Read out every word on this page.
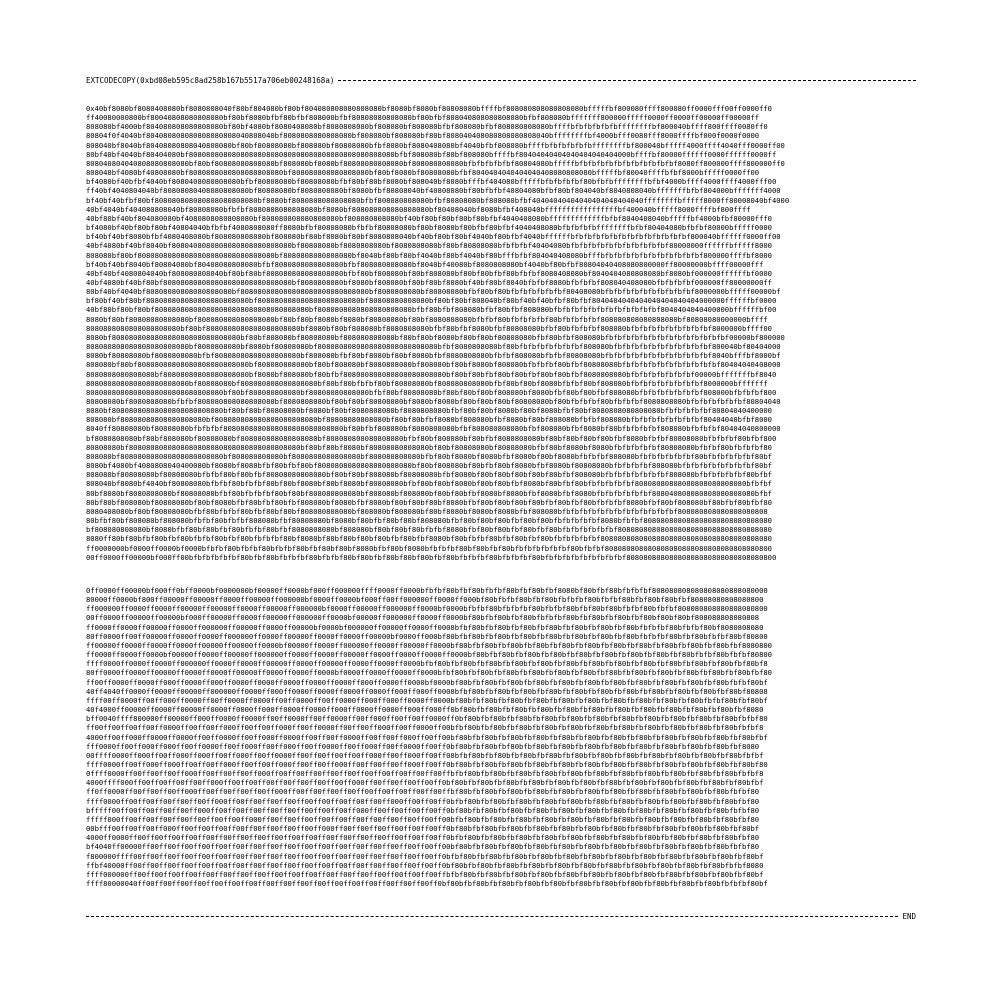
EXTCODECOPY(0xbd08eb595c8ad258b167b5517a706eb00248168a)
0x40bf8080bf8080408080bf8080808040f80bf804080bf80bf804080808080808080bf8080bf8080bf80808080bffffbf808080808080808080bfffffbf800080ffff800080ff0000fff00ff0000ff0
ff40080000800bf80040808080808080bf80bf8080bfbf80bfbf808000bfbf80808080808080bf80bfbf808040808080808080bfbf808080bfffffff800000fffff0000ff0000ff00000ff00000ff
808080bf4000bf804080808080808080bf80bf4080bf8080408080bf8080808080bf808080bf808080bfbf808080bfbf808080808080bffffbfbfbfbfbfbffffffffbf800040bffff800ffff0080ff0
80804f0f4040bf804080808080808080808040808040bf8080808080808080bf808080bf808080bf80bf808040408080808080808040bffffffffbf4000bfff0080fff8000ffffbf000f0000f0000
808040bf8040bf80408080808040808080bf80bf80808080bf808080bf80808080bfbf8080bf8080408080bf4040bfbf808080bffffbfbfbfbfbfbffffffffbf800040bfffff4000ffff4040fff0000ff00
80bf40bf4040bf80404080bf808080808080808080808080808080808080808080808080bfbf808080bf80bf808080bffffbf80404040404040404040404000bffffbf80000ffffff0000ffffff0000ff
808040804040808080808080bf80bf80808080808080bf808080bf8080bf80808080808080bf808080808080bfbfbfbfbfbf80804080bfffffbfbfbfbfbfbfbfbfbfbfbfbf8080ff800000ffff800000ff0
808040bf4080bf40808080bf8080808080808080808080bf808080808080808080bf80bf8080bf80808080bfbf8040404040404040408080808080bfffffbf80040ffffbfbf8000bfffff0000ff00
bf4080bf40bfbf4040bf8080408080808080bfbf80808080bf80808080bfbf80bf80bf8080bf808040bf8080bfffbf404080bfffffbfbfbfbfbf80bfbfbffffffffbfbf4000bffff4000ffff4000fff00
ff40bf4040804040bf80808080408080808080bf80808080bf8080808080bf8080bfbf80808040bf40808080bf80bfbfbf40804080bfbf80bf804040bf8040808040bfffffffbfbf804000bfffffff4000
bf40bf40bfbf80bf808080808080808080808080bf8080bf8080808080808080bfbf808080808080bfbf80808080bf808080bfbf40404040404040404040404040ffffffffbfffff8000ff80008040bf4000
40bf4040bf404080808040bf80808080bfbfbf8080808080808080bf8080bf808080808080808080bf80408040bf8080bfbf408040bfffffffffffffffffbf400040bfffff8000ffffbf800ffff
40bf80bf40bf804080080bf4080808080808080bf808080808080808080bf808080808080bf40bf80bf80bf80bf80bfbf4040408080bfffffffffffffbfbf8040408040bfffffbf4000bfbf80000fff0
bf4080bf40bf80bf80bf40804040bfbfbf4080808080ff8080bfbf80808080bfbfbf80808080bf80bf8080bf80bfbf80bfbf4040408080bfbfbfbfbffffffffbfbf80404080bfbfbf80000bfffff0000
bf40bf40bf8080bfbf4080408080bf808080808080bf808080bf80bf8080bf80bf8080808040bf40bf80bf80bf4040bf80bfbf4040bffffffbfbfbfbfbfbfbfbfbfbfbfbfbfbf800040bffffff0000ff00
40bf4080bf40bf8040bf8080408080808080808080808080bf80808080bf8080808080bf8080808080bf80bf80808080bfbfbfbf40404080bfbfbfbfbfbfbfbfbfbfbfbf80000000ffffffbfffff8000
808080bf80bf80808080808080808080808080808080bf8080808080808080bf8040bf80bf80bf4040bf80bf4040bf80bfffbfbf804040408080bfffbfbfbfbfbfbfbfbfbfbfbfbf800000ffffbf8000
bf40bf40bf8040bf80804080bf80408080808080bfbf8080808080808080bfbf808080808080bf8040bf40080bf8080808080bf4040bf80bfbf80804040408080800000ff80000000bffff00000fff
40bf40bf4080804040bf808080808040bf80bf80bf808080808080808080bfbf80bf808080bf80bf808080bf80bf80bfbf80bfbfbf8080408080bf8040404080808080bf8080bf000000ffffffbf0000
40bf4080bf40bf80bf808080808080808080808080808080bf8080808080bf8080bf808080bf80bf80bf8080bf40bf80bf8040bfbfbf8080bfbfbfbf808040408080bfbfbfbfbf000000ff80000000ff
80bf40bf4040bf80808080808080808080bf808080808080808080808080808080bf8080808080bf80808080bfbf80bf80bfbfbfbfbfbfbf80408080bfbfbfbfbfbfbfbfbfbfbf8000000bfffff00000bf
bf80bf40bf80bf808080808080808080808080bf808080808080808080808080bf80808080808080bf80bf80bf808040bf80bf40bf40bfbf80bfbf8040404040404040404040404000000ffffffbf0000
40bf80bf80bf80bf808080808080808080808080808080808080bf8080808080808080808080bfbf80bfbf808080bfbf80bfbf808080bfbfbfbfbfbfbfbfbfbfbfbfbf8040404040400000bffffffbf00
8080bf80bf80808080808080bf808080808080808080bf80bf80bf8080bf8080bf80808080bf80bf8080808080bfbfbf80bfbfbfbfbf80bfbfbfbfbf808080808080808080bf80808080000000bffff
8080808080808080808080bf80bf8080808080808080808080bf8080bf80bf808080bf8080808080bfbf80bfbf8080bfbf80808080bfbf80bfbfbfbf808080bfbfbfbfbfbfbfbfbfbf8000000bffff00
8080bf808080808080808080808080808080bf80bf808080bf80808080bf808080808080bf80bf80bf8080bf80bf80bf80808080bfbf80bfbf808080bfbfbfbfbfbfbfbfbfbfbfbfbfbfbf00000bf800000
808080808080808080808080bf8080808080bf8080bf80808080bf8080808080808080808080808080bfbf8080808080bf80bfbfbfbfbfbfbfbf808080bfbfbfbfbfbfbfbfbfbfbfbf800040bf80404000
8080bf80808080bf8080808080bfbf80808080808080808080bf808080bfbf80bf8080bf80bf8080bfbf8080808080bfbfbf808080bfbfbf80808080bfbfbfbfbfbfbfbfbfbfbfbfbf8040bfffbf8000bf
808080bf80bf80808080808080808080808080bf808080808080bf80bf808080bf8080808080bf808080bf80bf8080bf808080bfbfbfbf80bfbf80808080bfbfbfbfbfbfbfbfbfbfbfbf80404040408000
8080808080808080bf80808080808080808080bf8080bf808080bf80bfbf808080808080808080808080bf80bf80bfbf80bf80bfbf80bf80bfbf8080808080bfbfbfbfbfbfbfbf00000bfffffffbf8040
808080808080808080808080bf80808080bf808080808080808080bf80bf80bfbfbf80bf80808080bf808080808080bfbf80bf80bf8080bfbfbf80bf808080bfbfbfbfbfbfbfbfbf8000000bfffffff
80808080808080808080808080808080bf80bf808080808080bf80808080808080bfbf80bf80808080bf80bf80bf80bf808080bf8080bfbf80bf80bfbf808080bfbfbfbfbfbfbfbf808000bfbfbfbf800
80808080bf8080808080bfbfbf808080808080808080bf8080808080bf80bf80bf80808080bf8080bf8080bf80bf80bf80bf80808080bf80bfbfbfbf80bfbfbfbf8080808080bfbfbfbfbfbfbf80804040
8080bf80808080808080808080808080bf80bf80bf80808080bf8080bf80bf8080808080bf8080808080bfbf80bf80bf8080bf80bf8080bfbf80bf8080808080808080bfbfbfbfbfbf80804040400000
808080bf80808080808080808080bf808080808080808080808080bf80808080808080bf80bf80bfbf8080bf808080bfbf8080bf80bf808080bfbfbf808080bfbfbfbfbfbfbfbfbf80404040bfbf8000
8040ff80808080bf80808080bfbfbfbf8080808080808080808080808080bf80bfbf808080bf8080808080bfbf808080808080bfbf808080bfbf8080bf80bfbfbfbfbf808080bfbfbfbf80404040800000
bf8080808080bf80bf808080bf80808080bf808080808080808080bf808080808080808080bfbf80bf808080bf80bfbf8080808080bf80bf80bf80bf80bfbf8080bfbfbf80808080bfbfbfbf80bfbf800
80808080bf8080808080808080808080808080808080808080bf80bf80bf8080bf80808080808080bf80bf80808080bf80808080bfbf80bf8080bf8080bfbfbfbfbfbf80808080bfbfbf80bfbfbfbf80
808080bf808080808080808080808080bf808080808080bf8080808080808080bf808080808080bfbf80bf8080bf8080bfbf8080bf80bf8080bfbfbfbf808080bfbfbfbfbfbfbf80bfbfbfbfbfbf80bf
8080bf4080bf4080808040400080bf8080bf8080bfbf80bfbf80bf8080808080808080808080bf80bf808080bf80bfbf80bf8080bfbf8080bf80808080bfbfbfbfbf808080bfbfbfbfbfbfbfbfbf80bf
808080bf80808080bf80808080bfbfbf80bf80bfbf80808080808080bf80bf80bf808080bf80808080bfbf8080bf80bf80bf80bf80bf80bfbf808080bfbfbfbfbfbfbfbf808080bfbfbfbfbfbf80bfbf
808040bf8080bf4040bf80808080bfbfbf80bfbfbf80bf80bf8080bf80bf8080bf80808080bfbf80bf80bf8080bf80bf80bfbf8080bf80bfbf80bfbfbfbfbfbf80808080808080808080808080bfbfbf
80bf8080bf8080808080bf80808080bfbf80bfbfbfbf80bf80bf808080808080bf808080bf808080bf80bf80bfbf8080bf8080bfbf8080bfbf8080bfbfbfbfbfbfbf808040808080808080808080bfbf
80bf80bf808080bf80808080bf80bf8080bfbf80bfbf80bfbf808080bf8080bfbf8080bf80bf80bf80bf8080bfbf80bf80bf80bf80bfbf80bfbf80bfbfbfbf8080bfbf80bf808080bf80bfbf80bfbf80
8080408080bf80bf80808080bfbf80bfbfbf80bfbf80bf80bf808080808080bf808080bf808080bf80bf8080bf8080bf8080bfbf808080bfbfbfbfbfbfbfbfbfbfbfbfbfbf808080808080808080808
80bfbf80bf808080bf808080bfbfbf80bfbfbf808080bfbf80808080bf8080bf80bfbf80bf80bf808080bfbf80bf80bf80bfbf80bf80bfbfbfbfbfbf8080bfbfbf808080808080808080808080808080
bf808080808080bf8080bfbf80bf80bfbf80bfbfbf80bfbf8080808080bf808080bf80bf80bf80bfbfbf8080bfbf80bf80bfbf80bfbf80bfbfbfbfbfbfbf808080808080808080808080808080808080
8080ff80bf80bfbf80bfbf80bfbfbf80bfbf80bfbfbfbf80bf8080bf80bf80bf80bf80bfbf80bfbf8080bf80bfbfbf80bfbf80bfbf80bfbfbfbfbfbf8080808080808080808080808080808080808080
ff0000000bf0000ff0000bf0000bfbfbf80bfbfbf80bfbfbf80bfbf80bf80bf8080bfbf80bf8080bfbfbfbf80bf80bfbf80bfbfbfbfbfbfbf80bfbfbf808080808080808080808080808080808080800
00ff0000ff00000bf000ff00bfbfbfbfbfbf80bfbf80bfbfbfbf80bfbfbf80bf80bfbf80bf80bf80bfbf80bfbfbfbf80bfbfbfbf80bfbfbfbfbfbfbfbfbfbf80808080808080808080808080808080800
0ff0000ff00000bf000ff0bff0000bf0000000bf00000ff0000bf000ff000000ffff0000ff0000bfbfbf80bfbf80bfbfbf80bfbf80bfbf8080bf80bfbf80bfbfbfbf808080808080808080808080000
80000ff0000bf800ff00000ff00000ff0000ff00000ff000000bf0000ff0000bf000ff00ff000000ff0000ff000bf80bfbfbf80bfbf80bfbfbfbf80bfbfbf80bfbf80bf80bfbf80808080808080800
ff000000ff0000ff0000ff00000ff00000ff0000ff00000ff000000bf0000ff00000ff000000ff0000bf0000bfbfbf80bfbfbfbf80bfbfbf80bfbf80bf80bfbfbf80bfbfbf808080808080808080800
00ff0000ff00000ff00000bf000ff00000ff0000ff00000ff000000ff0000bf00000ff000000ff0000ff0000bf80bfbf80bfbf80bfbfbfbf80bfbf80bfbf80bfbf80bf80bf80bf808080808080808
ff0000ff0000ff00000ff0000ff000000ff00000ff0000ff00000bf0000bf000000ff00000ff0000ff0000bfbf80bfbf80bfbf80bfbf80bfbf80bfbf80bfbf80bfbfbfbf80bfbfbf80bf8080808080
80ff0000ff00ff00000ff0000ff0000ff000000ff0000ff00000ff0000ff0000ff00000bf0000ff000bf80bfbf80bfbf80bfbf80bfbf80bfbf80bfbf80bfbf80bfbfbfbf80bfbf80bfbfbf80bf80800
ff00000ff0000ff0000ff0000ff00000ff00000ff0000bf00000ff0000ff000000ff0000ff00000ff0000bf80bfbf80bfbf80bfbf80bfbf80bfbf80bfbf80bfbf80bfbf80bfbf80bfbf80bfbf8080800
ff0000ff0000ff0000bf00000ff0000ff00000ff000000ff0000ff0000ff00000ff0000ff0000ff0000ff0000bf80bfbf80bfbf80bfbf80bfbf80bfbf80bfbf80bfbf80bfbf80bfbfbf80bfbfbf80800
ffff0000ff0000ff0000ff000000ff0000ff0000ff00000ff0000ff00000ff0000ff0000ff0000bfbf80bfbf80bfbf80bfbf80bfbf80bfbf80bfbf80bfbf80bfbf80bfbf80bfbf80bfbf80bfbf80bf8
80ff0000ff0000ff00000ff0000ff0000ff00000ff0000ff0000ff0000bf0000ff0000ff0000ff0000bfbf80bfbf80bfbf80bfbf80bfbf80bfbf80bfbf80bfbf80bfbf80bfbf80bfbf80bfbf80bfbf80
ff00ff0000ff0000ff000ff0000ff000ff0000ff0000ff0000ff0000ff0000ff000ff0000ff0000bf0000bf80bfbf80bfbf80bfbf80bfbf80bfbf80bfbf80bfbf80bfbf80bfbf80bfbf80bfbfbf80bf
40ff4040ff0000ff0000ff00000ff000000ff0000ff000ff0000ff0000ff0000ff0000ff000ff000ff0000bfbf80bfbf80bfbf80bfbf80bfbf80bfbf80bfbf80bfbf80bfbf80bfbf80bfbf80bf80808
ffff00ff0000ff00ff000ff0000ff00ff0000ff0000ff00ff0000ff00ff0000ff000ff000ff0000ff0000bf80bfbf80bfbf80bfbf80bfbf80bfbf80bfbf80bfbf80bfbf80bfbf80bfbfbf80bfbf80bf
40f4000ff00000ff0000ff00000ff0000ff0000ff000ff0000ff0000ff000ff0000ff0000ff000ff000ff0bf80bfbf80bfbf80bfbf80bfbf80bfbf80bfbf80bfbf80bfbf80bfbf80bfbf80bfbf8080
bff0040ffff800000ff00000ff000ff0000ff0000ff00ff0000ff00ff0000ff00ff000ff00ff00ff0000ff0bf80bfbf80bfbf80bfbf80bfbf80bfbf80bfbf80bfbf80bfbf80bfbf80bfbf80bfbfbf80
ff00ff00ff00ff00ff0000ff00ff00ff000ff00ff00ff000ff00ff0000ff00ff00ff000ff00ff0000ff00bfbf80bfbf80bfbf80bfbf80bfbf80bfbf80bfbf80bfbf80bfbf80bfbf80bfbf80bfbfbf8
4000ff00ff000ff0000ff0000ff00ff0000ff00ff000ff0000ff00ff00ff0000ff00ff00ff000ff00ff00bf80bfbf80bfbf80bfbf80bfbf80bfbf80bfbf80bfbf80bfbf80bfbf80bfbf80bfbf80bfbf
fff0000ff00ff000ff000ff00ff0000ff00ff000ff00ff000ff00ff0000ff00ff000ff00ff0000ff00ff0bf80bfbf80bfbf80bfbf80bfbf80bfbf80bfbf80bfbf80bfbf80bfbf80bfbf80bfbf8080
00ffff0000ff000ff00ff000ff000ff00ff000ff00ff0000ff00ff00ff00ff00ff000ff00ff000ff00ff00bfbf80bfbf80bfbf80bfbf80bfbf80bfbf80bfbf80bfbf80bfbf80bfbf80bfbf80bfbfbf
ffff0000ff00ff000ff000ff00ff00ff000ff00ff00ff000ff00ff00ff000ff00ff00ff00ff000ff00ff0bf80bfbf80bfbf80bfbf80bfbf80bfbf80bfbf80bfbf80bfbf80bfbf80bfbf80bfbf80bf80
0ffff0000ff00ff00ff00ff000ff00ff00ff00ff000ff00ff00ff00ff00ff00ff00ff00ff00ff00ff00ffbfbf80bfbf80bfbf80bfbf80bfbf80bfbf80bfbf80bfbf80bfbf80bfbf80bfbf80bfbfbf8
4000ffff000ff00ff00ff00ff00ff000ff00ff00ff00ff00ff00ff00ff00ff000ff00ff00ff00ff00ff0bf80bfbf80bfbf80bfbf80bfbf80bfbf80bfbf80bfbf80bfbf80bfbf80bfbf80bfbf80bfbf
ff0ff0000ff00ff00ff00ff000ff00ff00ff00ff00ff000ff00ff00ff00ff00ff00ff00ff00ff00ff00ffbf80bfbf80bfbf80bfbf80bfbf80bfbf80bfbf80bfbf80bfbf80bfbf80bfbf80bfbfbf80
ffff0000ff00ff00ff00ff00ff00ff000ff00ff00ff00ff00ff00ff00ff00ff00ff00ff000ff00ff00ff0bfbf80bfbf80bfbf80bfbf80bfbf80bfbf80bfbf80bfbf80bfbf80bfbf80bfbf80bfbf80
bfffff00ff00ff00ff00ff00ff000ff00ff00ff00ff00ff00ff00ff00ff00ff000ff00ff00ff00ff00ff0bf80bfbf80bfbf80bfbf80bfbf80bfbf80bfbf80bfbf80bfbf80bfbf80bfbf80bfbfbf80
fffff000ff00ff00ff00ff00ff00ff00ff00ff000ff00ff00ff00ff00ff00ff00ff00ff00ff00ff00ff00bfbf80bfbf80bfbf80bfbf80bfbf80bfbf80bfbf80bfbf80bfbf80bfbf80bfbf80bfbf80
00bfff00ff00ff00ff000ff00ff00ff00ff00ff00ff00ff00ff00ff000ff00ff00ff00ff00ff00ff00ff0bf80bfbf80bfbf80bfbf80bfbf80bfbf80bfbf80bfbf80bfbf80bfbf80bfbf80bfbf80bf
4000ff0000ff00ff00ff00ff00ff00ff00ff00ff00ff00ff00ff00ff00ff00ff00ff00ff00ff00ff00ff0bfbf80bfbf80bfbf80bfbf80bfbf80bfbf80bfbf80bfbf80bfbf80bfbf80bfbf80bfbf80
bf4040ff00000ff00ff00ff00ff00ff00ff00ff00ff00ff00ff00ff00ff00ff00ff00ff00ff00ff00ff00bf80bfbf80bfbf80bfbf80bfbf80bfbf80bfbf80bfbf80bfbf80bfbf80bfbf80bfbfbf80
f800000ffff00ff00ff00ff00ff00ff00ff00ff00ff00ff00ff00ff00ff00ff00ff00ff00ff00ff00ff0bfbf80bfbf80bfbf80bfbf80bfbf80bfbf80bfbf80bfbf80bfbf80bfbf80bfbf80bfbf80bf
ffbf40000ff00ff00ff00ff00ff00ff00ff00ff00ff00ff00ff00ff00ff00ff00ff00ff00ff00ff00ff0bf80bfbf80bfbf80bfbf80bfbf80bfbf80bfbf80bfbf80bfbf80bfbf80bfbf80bfbfbf8080
ffff000000ff00ff00ff00ff00ff00ff00ff00ff00ff00ff00ff00ff00ff00ff00ff00ff00ff00ff00ffbfbf80bfbf80bfbf80bfbf80bfbf80bfbf80bfbf80bfbf80bfbf80bfbf80bfbf80bfbf80bf
ffff80000040ff00ff00ff00ff00ff00ff00ff00ff00ff00ff00ff00ff00ff00ff00ff00ff00ff00ff0bf80bfbf80bfbf80bfbf80bfbf80bfbf80bfbf80bfbf80bfbf80bfbf80bfbf80bfbfbfbf80bf
END
